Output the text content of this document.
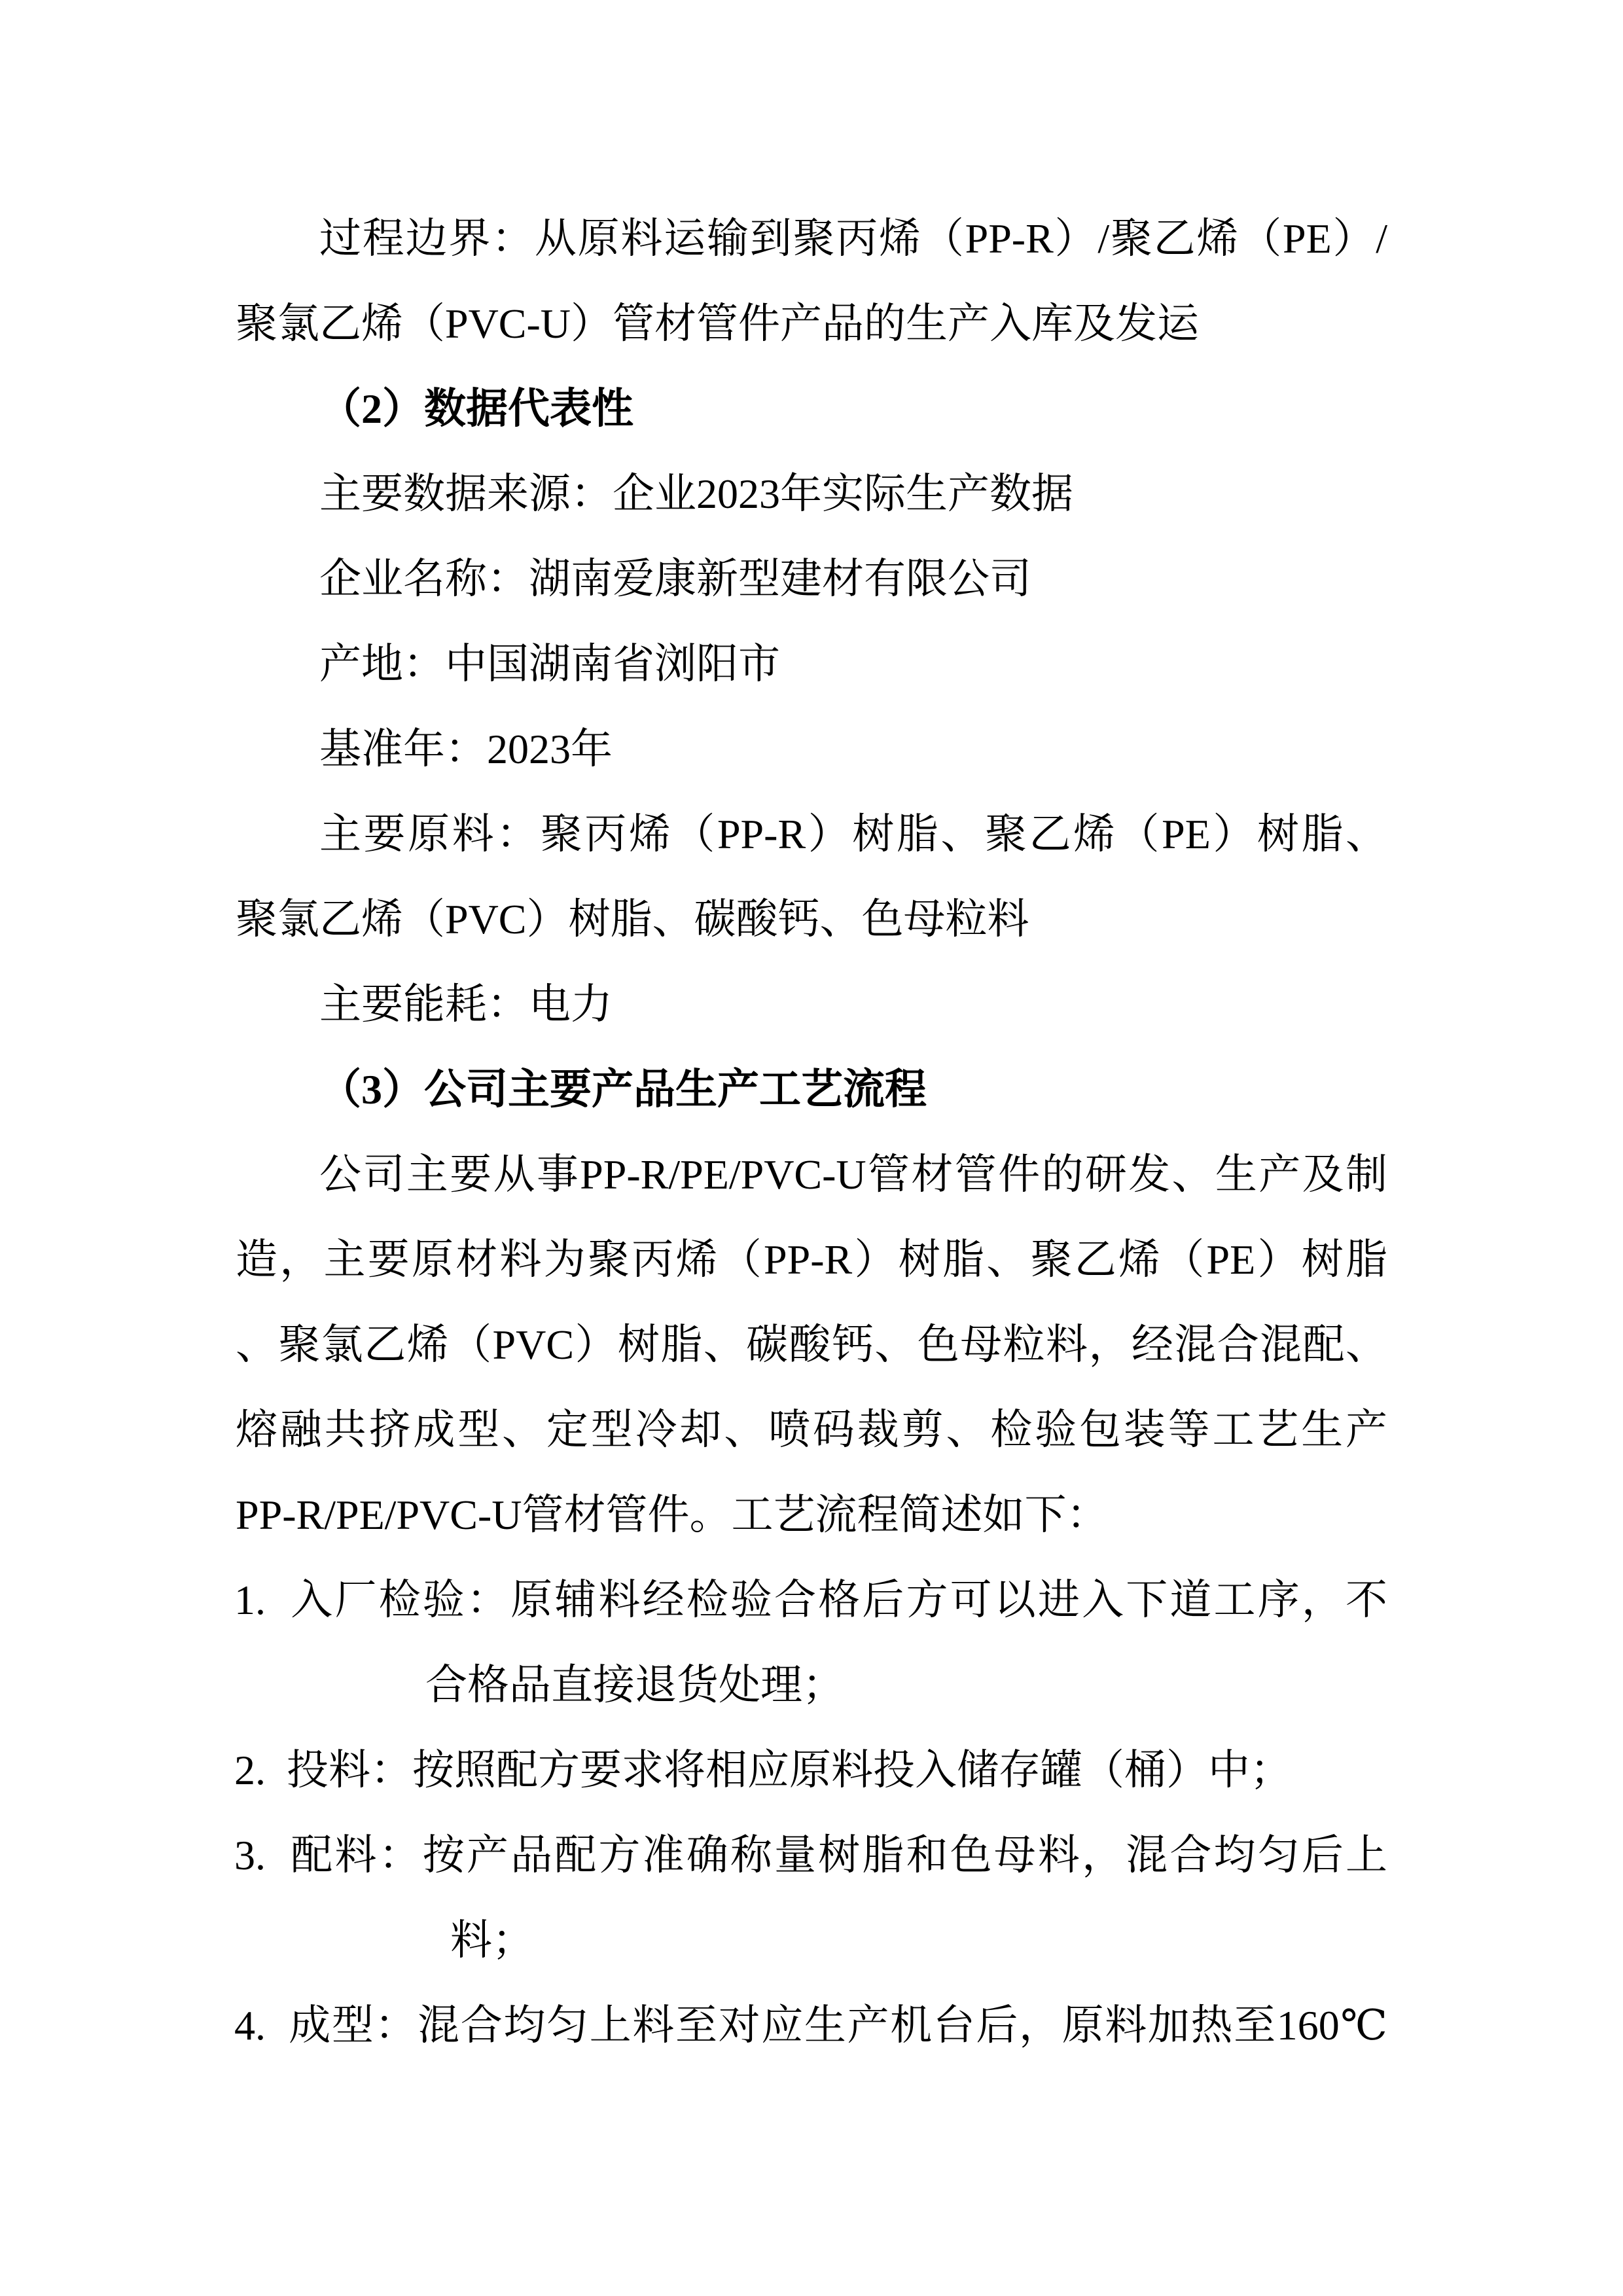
过程边界：从原料运输到聚丙烯（PP-R）/聚乙烯（PE）/
聚氯乙烯（PVC-U）管材管件产品的生产入库及发运
（2）数据代表性
主要数据来源：企业2023年实际生产数据
企业名称：湖南爱康新型建材有限公司
产地：中国湖南省浏阳市
基准年：2023年
主要原料：聚丙烯（PP-R）树脂、聚乙烯（PE）树脂、
聚氯乙烯（PVC）树脂、碳酸钙、色母粒料
主要能耗：电力
（3）公司主要产品生产工艺流程
公司主要从事PP-R/PE/PVC-U管材管件的研发、生产及制
造，主要原材料为聚丙烯（PP-R）树脂、聚乙烯（PE）树脂
、聚氯乙烯（PVC）树脂、碳酸钙、色母粒料，经混合混配、
熔融共挤成型、定型冷却、喷码裁剪、检验包装等工艺生产
PP-R/PE/PVC-U管材管件。工艺流程简述如下：
1.  入厂检验：原辅料经检验合格后方可以进入下道工序，不
合格品直接退货处理；
2.  投料：按照配方要求将相应原料投入储存罐（桶）中；
3.  配料：按产品配方准确称量树脂和色母料，混合均匀后上
料；
4.  成型：混合均匀上料至对应生产机台后，原料加热至160℃
